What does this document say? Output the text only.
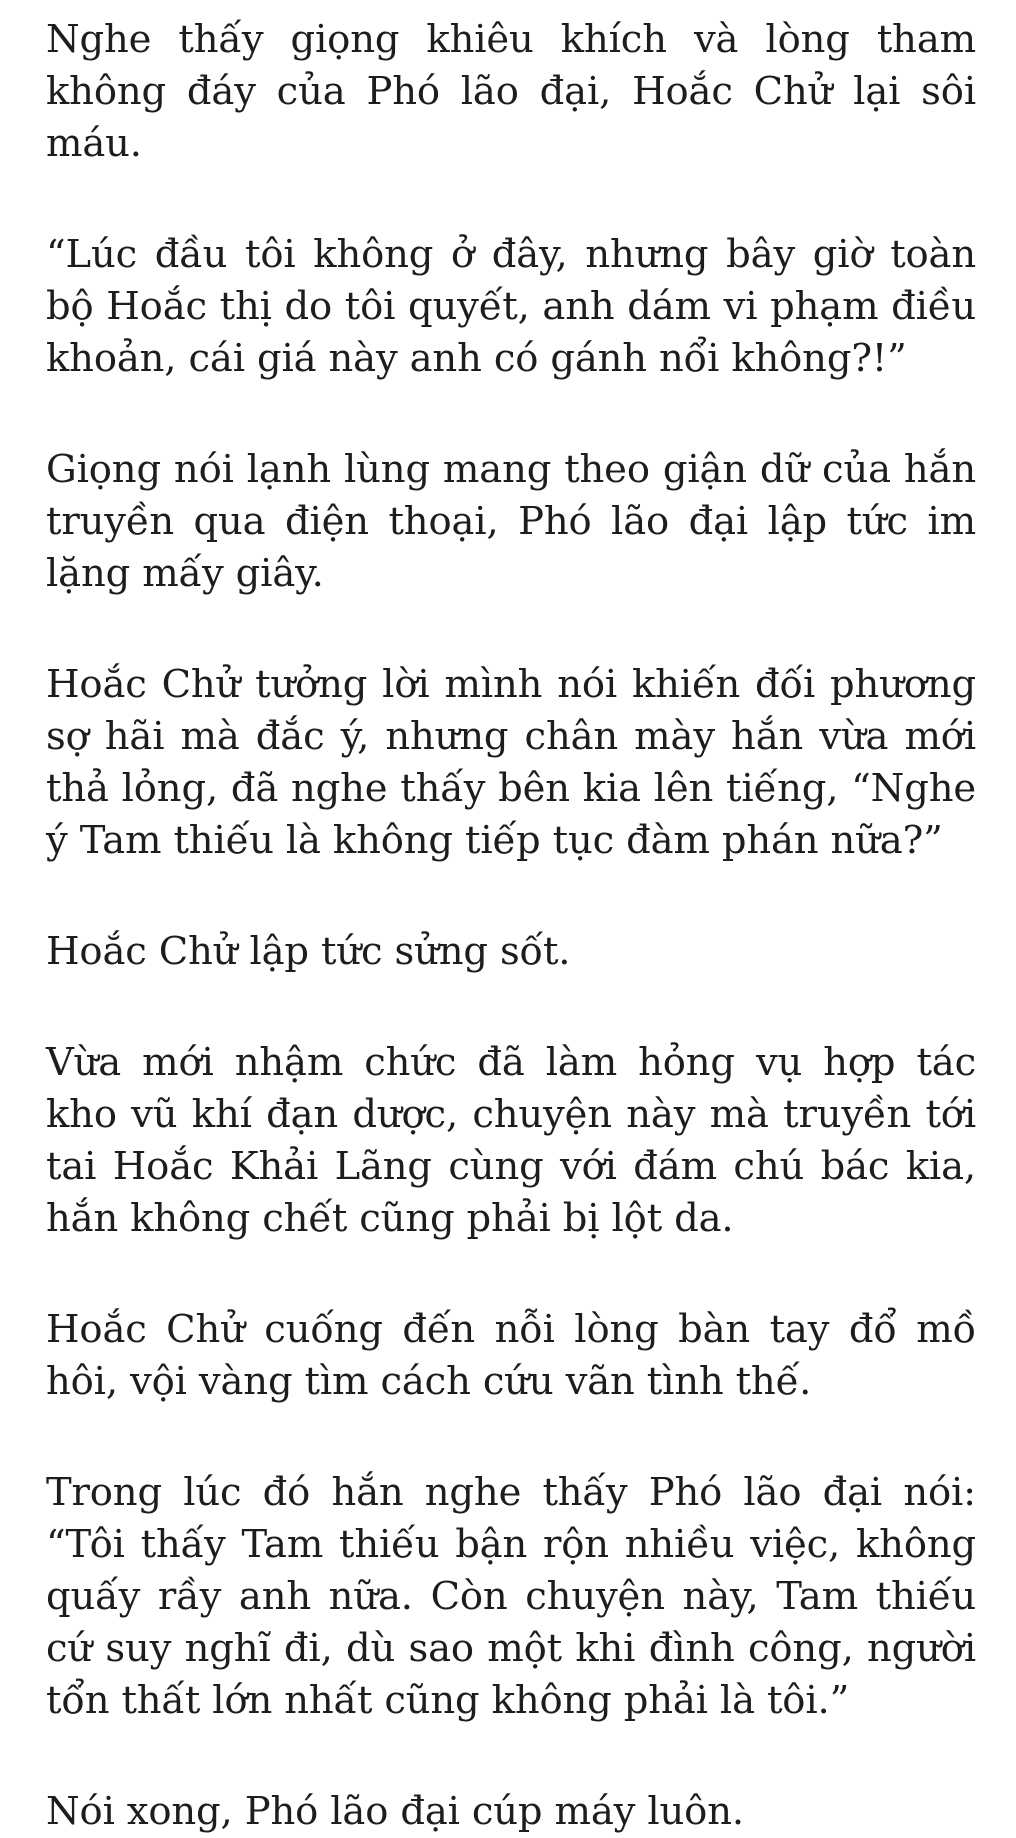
Nghe thấy giọng khiêu khích và lòng tham không đáy của Phó lão đại, Hoắc Chử lại sôi máu.

“Lúc đầu tôi không ở đây, nhưng bây giờ toàn bộ Hoắc thị do tôi quyết, anh dám vi phạm điều khoản, cái giá này anh có gánh nổi không?!”

Giọng nói lạnh lùng mang theo giận dữ của hắn truyền qua điện thoại, Phó lão đại lập tức im lặng mấy giây.

Hoắc Chử tưởng lời mình nói khiến đối phương sợ hãi mà đắc ý, nhưng chân mày hắn vừa mới thả lỏng, đã nghe thấy bên kia lên tiếng, “Nghe ý Tam thiếu là không tiếp tục đàm phán nữa?”

Hoắc Chử lập tức sửng sốt.

Vừa mới nhậm chức đã làm hỏng vụ hợp tác kho vũ khí đạn dược, chuyện này mà truyền tới tai Hoắc Khải Lãng cùng với đám chú bác kia, hắn không chết cũng phải bị lột da.

Hoắc Chử cuống đến nỗi lòng bàn tay đổ mồ hôi, vội vàng tìm cách cứu vãn tình thế.

Trong lúc đó hắn nghe thấy Phó lão đại nói: “Tôi thấy Tam thiếu bận rộn nhiều việc, không quấy rầy anh nữa. Còn chuyện này, Tam thiếu cứ suy nghĩ đi, dù sao một khi đình công, người tổn thất lớn nhất cũng không phải là tôi.”

Nói xong, Phó lão đại cúp máy luôn.
